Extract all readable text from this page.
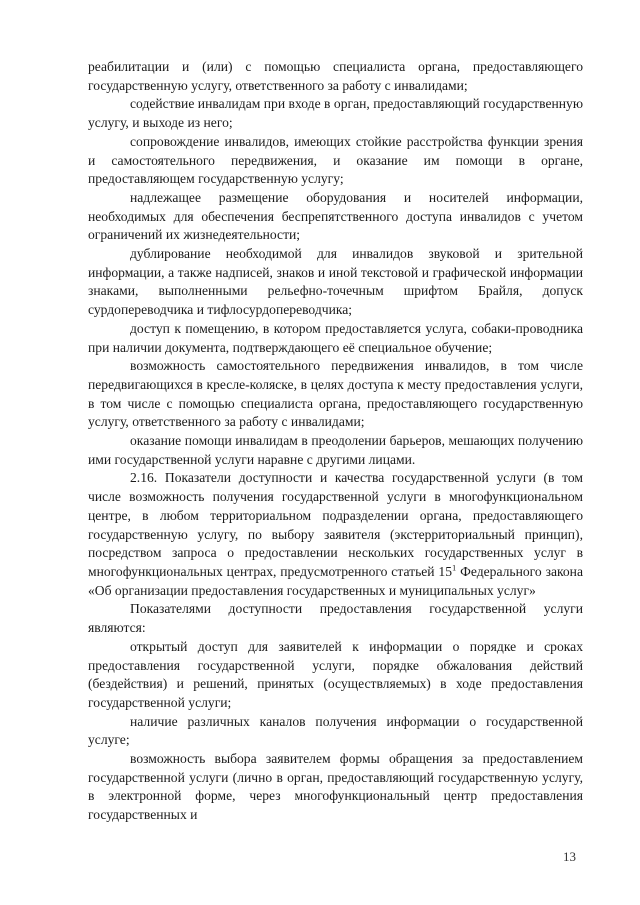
реабилитации и (или) с помощью специалиста органа, предоставляющего государственную услугу, ответственного за работу с инвалидами;

содействие инвалидам при входе в орган, предоставляющий государственную услугу, и выходе из него;

сопровождение инвалидов, имеющих стойкие расстройства функции зрения и самостоятельного передвижения, и оказание им помощи в органе, предоставляющем государственную услугу;

надлежащее размещение оборудования и носителей информации, необходимых для обеспечения беспрепятственного доступа инвалидов с учетом ограничений их жизнедеятельности;

дублирование необходимой для инвалидов звуковой и зрительной информации, а также надписей, знаков и иной текстовой и графической информации знаками, выполненными рельефно-точечным шрифтом Брайля, допуск сурдопереводчика и тифлосурдопереводчика;

доступ к помещению, в котором предоставляется услуга, собаки-проводника при наличии документа, подтверждающего её специальное обучение;

возможность самостоятельного передвижения инвалидов, в том числе передвигающихся в кресле-коляске, в целях доступа к месту предоставления услуги, в том числе с помощью специалиста органа, предоставляющего государственную услугу, ответственного за работу с инвалидами;

оказание помощи инвалидам в преодолении барьеров, мешающих получению ими государственной услуги наравне с другими лицами.

2.16. Показатели доступности и качества государственной услуги (в том числе возможность получения государственной услуги в многофункциональном центре, в любом территориальном подразделении органа, предоставляющего государственную услугу, по выбору заявителя (экстерриториальный принцип), посредством запроса о предоставлении нескольких государственных услуг в многофункциональных центрах, предусмотренного статьей $15^1$ Федерального закона «Об организации предоставления государственных и муниципальных услуг»

Показателями доступности предоставления государственной услуги являются:

открытый доступ для заявителей к информации о порядке и сроках предоставления государственной услуги, порядке обжалования действий (бездействия) и решений, принятых (осуществляемых) в ходе предоставления государственной услуги;

наличие различных каналов получения информации о государственной услуге;

возможность выбора заявителем формы обращения за предоставлением государственной услуги (лично в орган, предоставляющий государственную услугу, в электронной форме, через многофункциональный центр предоставления государственных и

13
